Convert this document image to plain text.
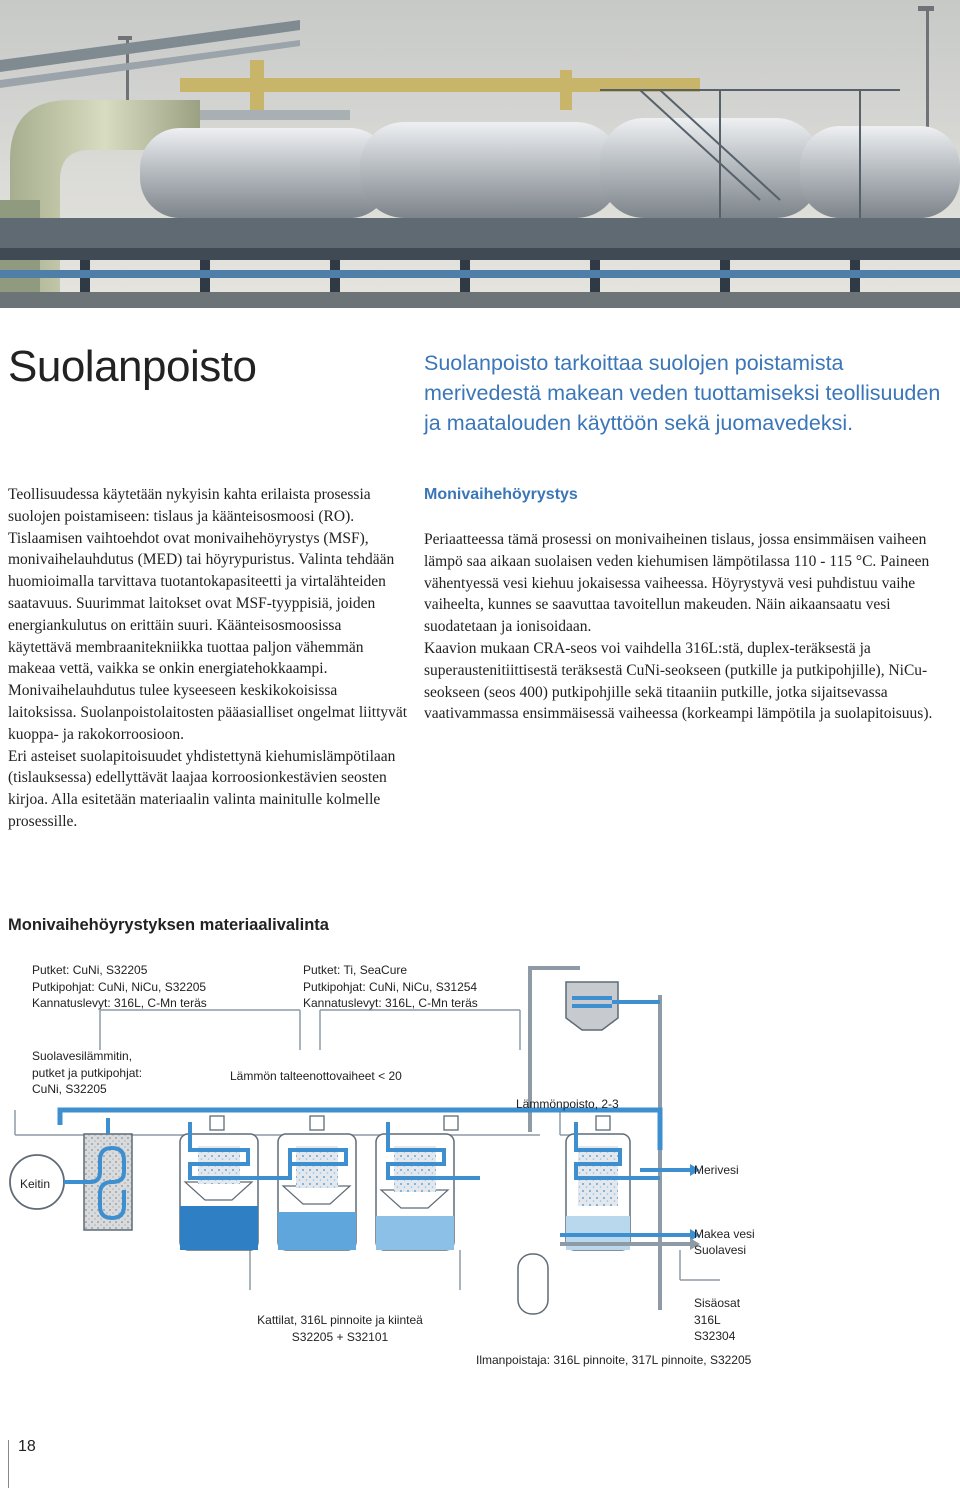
Suolanpoisto	Suolanpoisto tarkoittaa suolojen poistamista merivedestä makean veden tuottamiseksi teollisuuden ja maatalouden käyttöön sekä juomavedeksi.

Teollisuudessa käytetään nykyisin kahta erilaista prosessia suolojen poistamiseen: tislaus ja käänteisosmoosi (RO). Tislaamisen vaihtoehdot ovat monivaihehöyrystys (MSF), monivaihelauhdutus (MED) tai höyrypuristus. Valinta tehdään huomioimalla tarvittava tuotantokapasiteetti ja virtalähteiden saatavuus. Suurimmat laitokset ovat MSF-tyyppisiä, joiden energiankulutus on erittäin suuri. Käänteisosmoosissa käytettävä membraanitekniikka tuottaa paljon vähemmän makeaa vettä, vaikka se onkin energiatehokkaampi.

Monivaihelauhdutus tulee kyseeseen keskikokoisissa laitoksissa. Suolanpoistolaitosten pääasialliset ongelmat liittyvät kuoppa- ja rakokorroosioon.

Eri asteiset suolapitoisuudet yhdistettynä kiehumislämpötilaan (tislauksessa) edellyttävät laajaa korroosionkestävien seosten kirjoa. Alla esitetään materiaalin valinta mainitulle kolmelle prosessille.

Monivaihehöyrystys

Periaatteessa tämä prosessi on monivaiheinen tislaus, jossa ensimmäisen vaiheen lämpö saa aikaan suolaisen veden kiehumisen lämpötilassa 110 - 115 °C. Paineen vähentyessä vesi kiehuu jokaisessa vaiheessa. Höyrystyvä vesi puhdistuu vaihe vaiheelta, kunnes se saavuttaa tavoitellun makeuden. Näin aikaansaatu vesi suodatetaan ja ionisoidaan.

Kaavion mukaan CRA-seos voi vaihdella 316L:stä, duplex-teräksestä ja superaustenitiittisestä teräksestä CuNi-seokseen (putkille ja putkipohjille), NiCu-seokseen (seos 400) putkipohjille sekä titaaniin putkille, jotka sijaitsevassa vaativammassa ensimmäisessä vaiheessa (korkeampi lämpötila ja suolapitoisuus).

Monivaihehöyrystyksen materiaalivalinta
Putket: CuNi, S32205
Putkipohjat: CuNi, NiCu, S32205
Kannatuslevyt: 316L, C-Mn teräs
Putket: Ti, SeaCure
Putkipohjat: CuNi, NiCu, S31254
Kannatuslevyt: 316L, C-Mn teräs
Suolavesilämmitin,
putket ja putkipohjat:
CuNi, S32205
Lämmön talteenottovaiheet < 20
Lämmönpoisto, 2-3
Keitin
Merivesi
Makea vesi
Suolavesi
Kattilat, 316L pinnoite ja kiinteä
S32205 + S32101
Sisäosat
316L
S32304
Ilmanpoistaja: 316L pinnoite, 317L pinnoite, S32205
18
